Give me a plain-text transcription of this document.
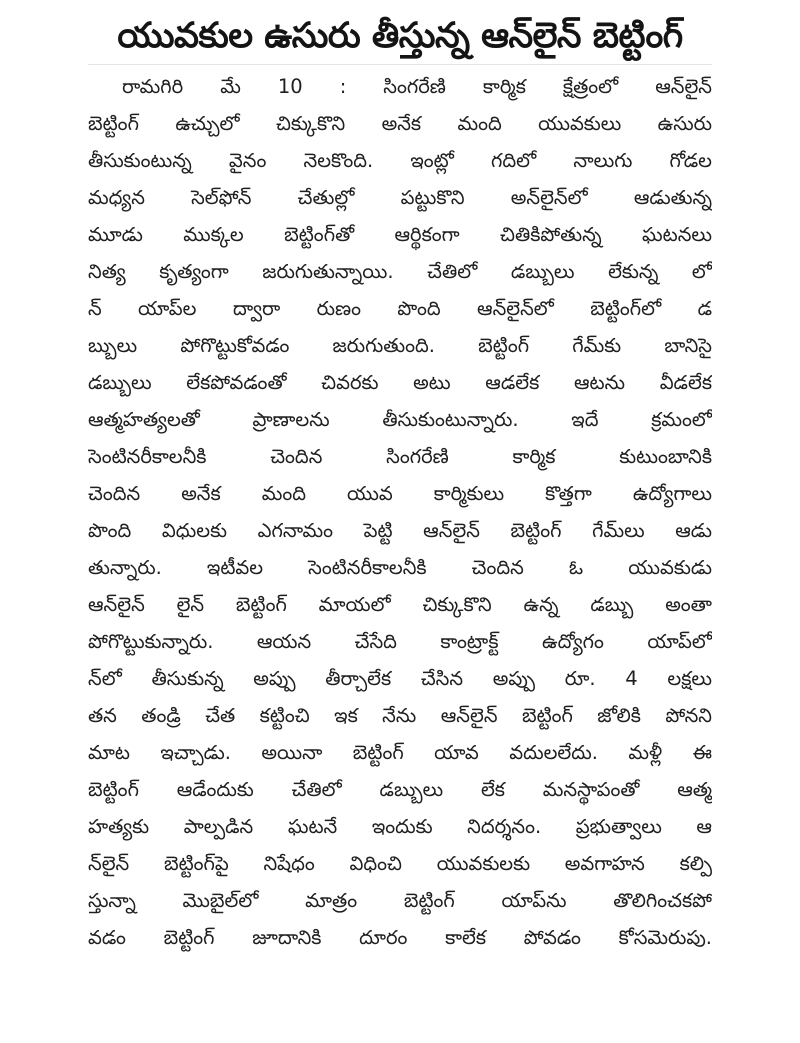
యువకుల ఉసురు తీస్తున్న ఆన్‌లైన్ బెట్టింగ్
రామగిరి మే 10 : సింగరేణి కార్మిక క్షేత్రంలో ఆన్‌లైన్
బెట్టింగ్ ఉచ్చులో చిక్కుకొని అనేక మంది యువకులు ఉసురు
తీసుకుంటున్న వైనం నెలకొంది. ఇంట్లో గదిలో నాలుగు గోడల
మధ్యన సెల్‌ఫోన్ చేతుల్లో పట్టుకొని అన్‌లైన్‌లో ఆడుతున్న
మూడు ముక్కల బెట్టింగ్‌తో ఆర్థికంగా చితికిపోతున్న ఘటనలు
నిత్య కృత్యంగా జరుగుతున్నాయి. చేతిలో డబ్బులు లేకున్న లో
న్ యాప్‌ల ద్వారా రుణం పొంది ఆన్‌లైన్‌లో బెట్టింగ్‌లో డ
బ్బులు పోగొట్టుకోవడం జరుగుతుంది. బెట్టింగ్ గేమ్‌కు బానిసై
డబ్బులు లేకపోవడంతో చివరకు అటు ఆడలేక ఆటను వీడలేక
ఆత్మహత్యలతో ప్రాణాలను తీసుకుంటున్నారు. ఇదే క్రమంలో
సెంటినరీకాలనీకి చెందిన సింగరేణి కార్మిక కుటుంబానికి
చెందిన అనేక మంది యువ కార్మికులు కొత్తగా ఉద్యోగాలు
పొంది విధులకు ఎగనామం పెట్టి ఆన్‌లైన్ బెట్టింగ్ గేమ్‌లు ఆడు
తున్నారు. ఇటీవల సెంటినరీకాలనీకి చెందిన ఓ యువకుడు
ఆన్‌లైన్ లైన్ బెట్టింగ్ మాయలో చిక్కుకొని ఉన్న డబ్బు అంతా
పోగొట్టుకున్నారు. ఆయన చేసేది కాంట్రాక్ట్ ఉద్యోగం యాప్‌లో
న్‌లో తీసుకున్న అప్పు తీర్చాలేక చేసిన అప్పు రూ. 4 లక్షలు
తన తండ్రి చేత కట్టించి ఇక నేను ఆన్‌లైన్ బెట్టింగ్ జోలికి పోనని
మాట ఇచ్చాడు. అయినా బెట్టింగ్ యావ వదులలేదు. మళ్లీ ఈ
బెట్టింగ్ ఆడేందుకు చేతిలో డబ్బులు లేక మనస్థాపంతో ఆత్మ
హత్యకు పాల్పడిన ఘటనే ఇందుకు నిదర్శనం. ప్రభుత్వాలు ఆ
న్‌లైన్ బెట్టింగ్‌పై నిషేధం విధించి యువకులకు అవగాహన కల్పి
స్తున్నా మొబైల్‌లో మాత్రం బెట్టింగ్ యాప్‌ను తొలిగించకపో
వడం బెట్టింగ్ జూదానికి దూరం కాలేక పోవడం కోసమెరుపు.
